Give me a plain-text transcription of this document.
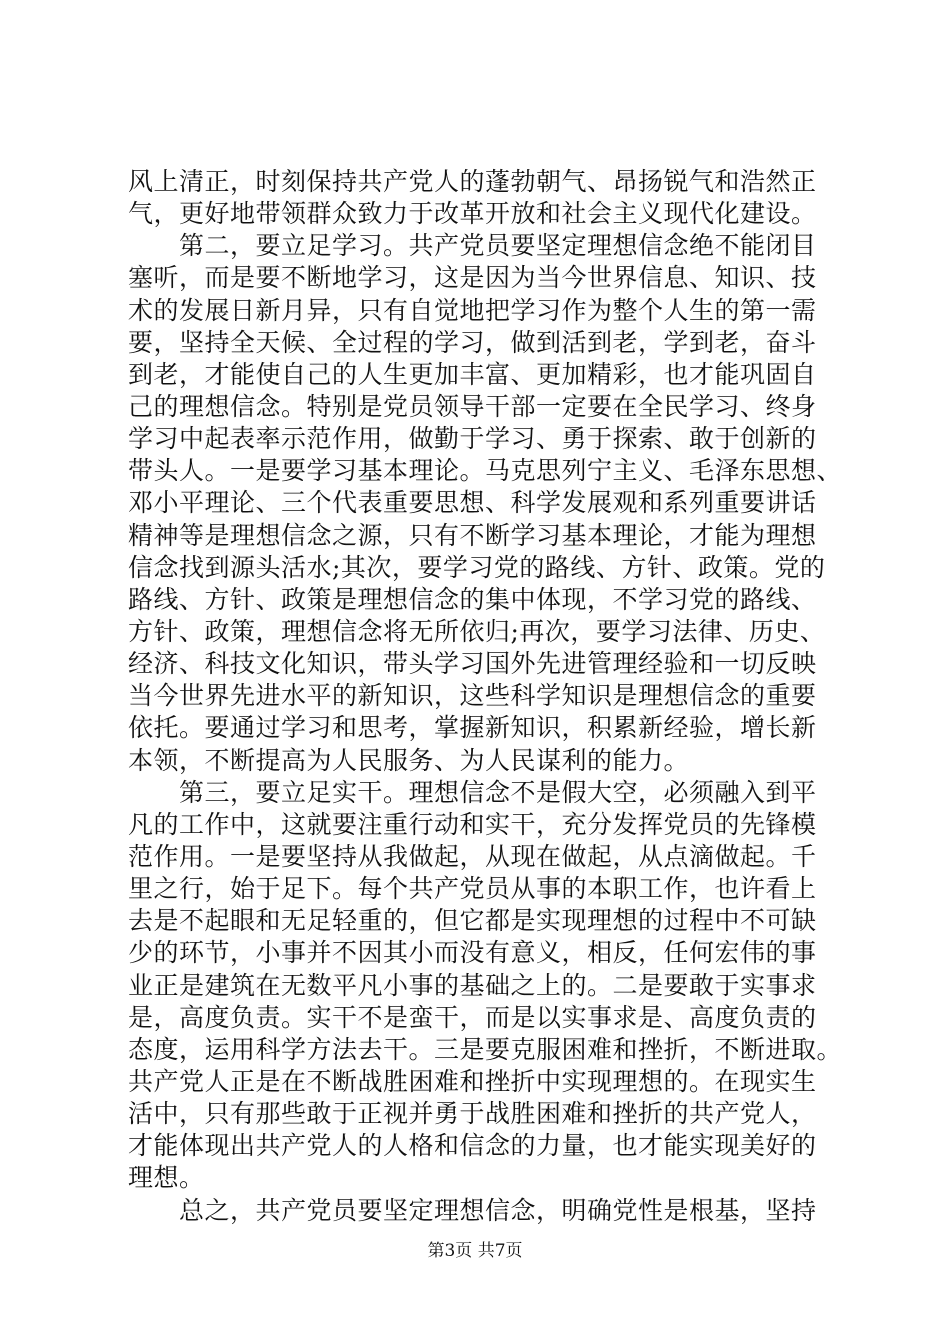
风上清正，时刻保持共产党人的蓬勃朝气、昂扬锐气和浩然正
气，更好地带领群众致力于改革开放和社会主义现代化建设。
　　第二，要立足学习。共产党员要坚定理想信念绝不能闭目
塞听，而是要不断地学习，这是因为当今世界信息、知识、技
术的发展日新月异，只有自觉地把学习作为整个人生的第一需
要，坚持全天候、全过程的学习，做到活到老，学到老，奋斗
到老，才能使自己的人生更加丰富、更加精彩，也才能巩固自
己的理想信念。特别是党员领导干部一定要在全民学习、终身
学习中起表率示范作用，做勤于学习、勇于探索、敢于创新的
带头人。一是要学习基本理论。马克思列宁主义、毛泽东思想、
邓小平理论、三个代表重要思想、科学发展观和系列重要讲话
精神等是理想信念之源，只有不断学习基本理论，才能为理想
信念找到源头活水;其次，要学习党的路线、方针、政策。党的
路线、方针、政策是理想信念的集中体现，不学习党的路线、
方针、政策，理想信念将无所依归;再次，要学习法律、历史、
经济、科技文化知识，带头学习国外先进管理经验和一切反映
当今世界先进水平的新知识，这些科学知识是理想信念的重要
依托。要通过学习和思考，掌握新知识，积累新经验，增长新
本领，不断提高为人民服务、为人民谋利的能力。
　　第三，要立足实干。理想信念不是假大空，必须融入到平
凡的工作中，这就要注重行动和实干，充分发挥党员的先锋模
范作用。一是要坚持从我做起，从现在做起，从点滴做起。千
里之行，始于足下。每个共产党员从事的本职工作，也许看上
去是不起眼和无足轻重的，但它都是实现理想的过程中不可缺
少的环节，小事并不因其小而没有意义，相反，任何宏伟的事
业正是建筑在无数平凡小事的基础之上的。二是要敢于实事求
是，高度负责。实干不是蛮干，而是以实事求是、高度负责的
态度，运用科学方法去干。三是要克服困难和挫折，不断进取。
共产党人正是在不断战胜困难和挫折中实现理想的。在现实生
活中，只有那些敢于正视并勇于战胜困难和挫折的共产党人，
才能体现出共产党人的人格和信念的力量，也才能实现美好的
理想。
　　总之，共产党员要坚定理想信念，明确党性是根基，坚持
第3页 共7页
